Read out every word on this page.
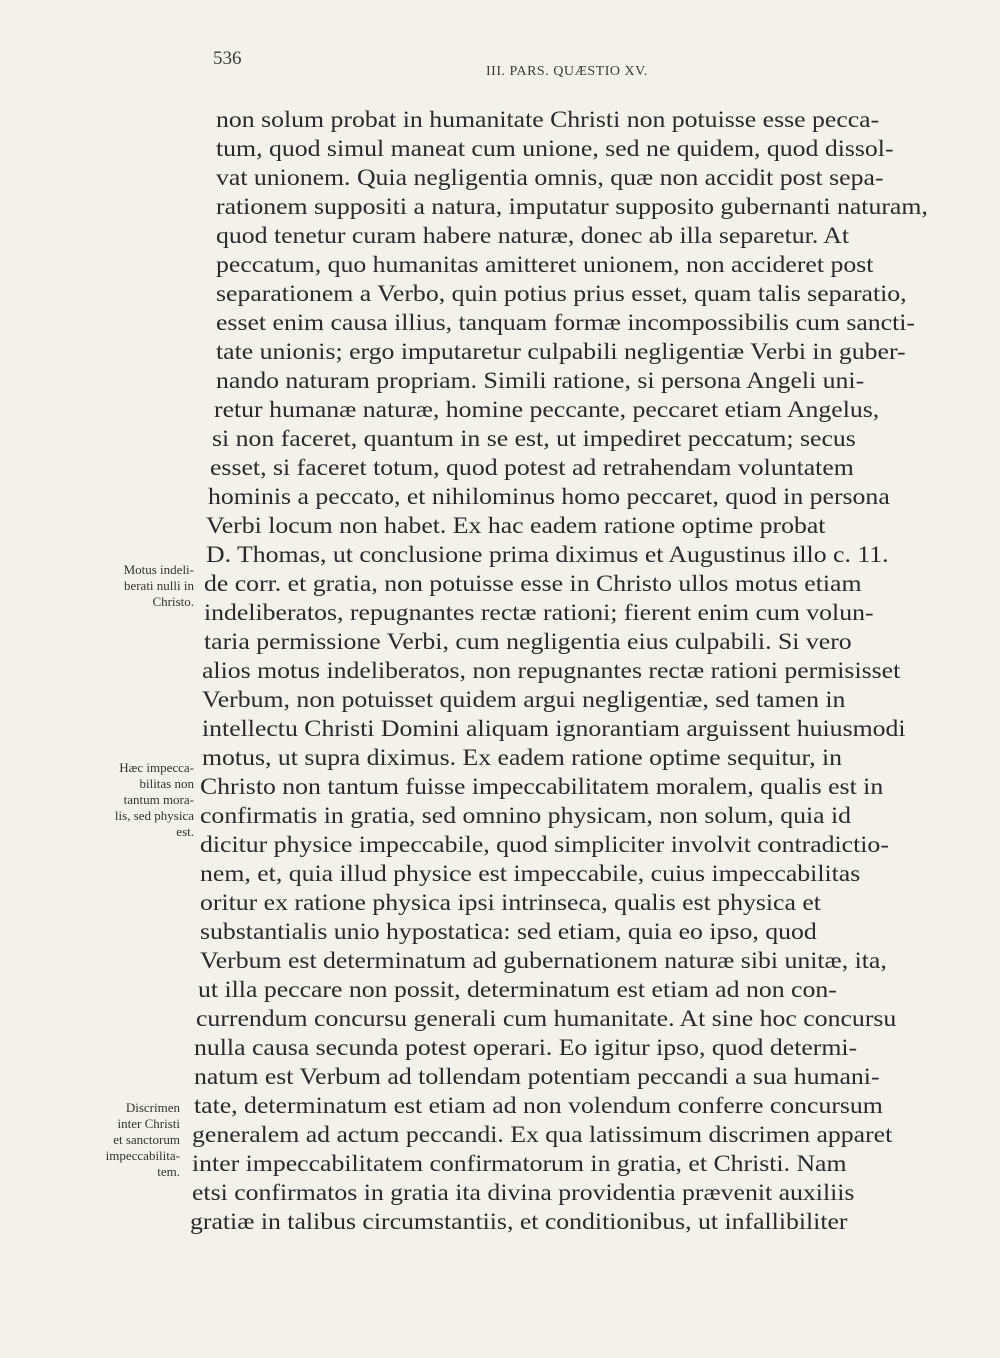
536
III. PARS. QUÆSTIO XV.
non solum probat in humanitate Christi non potuisse esse pecca-
tum, quod simul maneat cum unione, sed ne quidem, quod dissol-
vat unionem. Quia negligentia omnis, quæ non accidit post sepa-
rationem suppositi a natura, imputatur supposito gubernanti naturam,
quod tenetur curam habere naturæ, donec ab illa separetur. At
peccatum, quo humanitas amitteret unionem, non accideret post
separationem a Verbo, quin potius prius esset, quam talis separatio,
esset enim causa illius, tanquam formæ incompossibilis cum sancti-
tate unionis; ergo imputaretur culpabili negligentiæ Verbi in guber-
nando naturam propriam. Simili ratione, si persona Angeli uni-
retur humanæ naturæ, homine peccante, peccaret etiam Angelus,
si non faceret, quantum in se est, ut impediret peccatum; secus
esset, si faceret totum, quod potest ad retrahendam voluntatem
hominis a peccato, et nihilominus homo peccaret, quod in persona
Verbi locum non habet. Ex hac eadem ratione optime probat
D. Thomas, ut conclusione prima diximus et Augustinus illo c. 11.
de corr. et gratia, non potuisse esse in Christo ullos motus etiam
indeliberatos, repugnantes rectæ rationi; fierent enim cum volun-
taria permissione Verbi, cum negligentia eius culpabili. Si vero
alios motus indeliberatos, non repugnantes rectæ rationi permisisset
Verbum, non potuisset quidem argui negligentiæ, sed tamen in
intellectu Christi Domini aliquam ignorantiam arguissent huiusmodi
motus, ut supra diximus. Ex eadem ratione optime sequitur, in
Christo non tantum fuisse impeccabilitatem moralem, qualis est in
confirmatis in gratia, sed omnino physicam, non solum, quia id
dicitur physice impeccabile, quod simpliciter involvit contradictio-
nem, et, quia illud physice est impeccabile, cuius impeccabilitas
oritur ex ratione physica ipsi intrinseca, qualis est physica et
substantialis unio hypostatica: sed etiam, quia eo ipso, quod
Verbum est determinatum ad gubernationem naturæ sibi unitæ, ita,
ut illa peccare non possit, determinatum est etiam ad non con-
currendum concursu generali cum humanitate. At sine hoc concursu
nulla causa secunda potest operari. Eo igitur ipso, quod determi-
natum est Verbum ad tollendam potentiam peccandi a sua humani-
tate, determinatum est etiam ad non volendum conferre concursum
generalem ad actum peccandi. Ex qua latissimum discrimen apparet
inter impeccabilitatem confirmatorum in gratia, et Christi. Nam
etsi confirmatos in gratia ita divina providentia prævenit auxiliis
gratiæ in talibus circumstantiis, et conditionibus, ut infallibiliter
Motus indeli-
berati nulli in
Christo.
Hæc impecca-
bilitas non
tantum mora-
lis, sed physica
est.
Discrimen
inter Christi
et sanctorum
impeccabilita-
tem.
